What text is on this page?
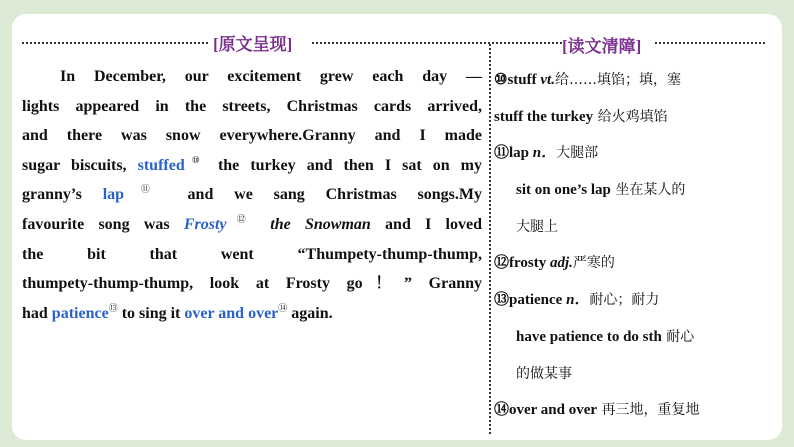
[原文呈现]	[读文清障]
In December, our excitement grew each day —
lights appeared in the streets, Christmas cards arrived,
and there was snow everywhere.Granny and I made
sugar biscuits, stuffed⑩ the turkey and then I sat on my
granny’s lap⑪ and we sang Christmas songs.My
favourite song was Frosty⑫ the Snowman and I loved
the bit that went “Thumpety-thump-thump,
thumpety-thump-thump, look at Frosty go！” Granny
had patience⑬ to sing it over and over⑭ again.
⑩stuff vt.给……填馅；填，塞
stuff the turkey 给火鸡填馅
⑪lap n．大腿部
sit on one’s lap 坐在某人的
大腿上
⑫frosty adj.严寒的
⑬patience n．耐心；耐力
have patience to do sth 耐心
的做某事
⑭over and over 再三地，重复地
